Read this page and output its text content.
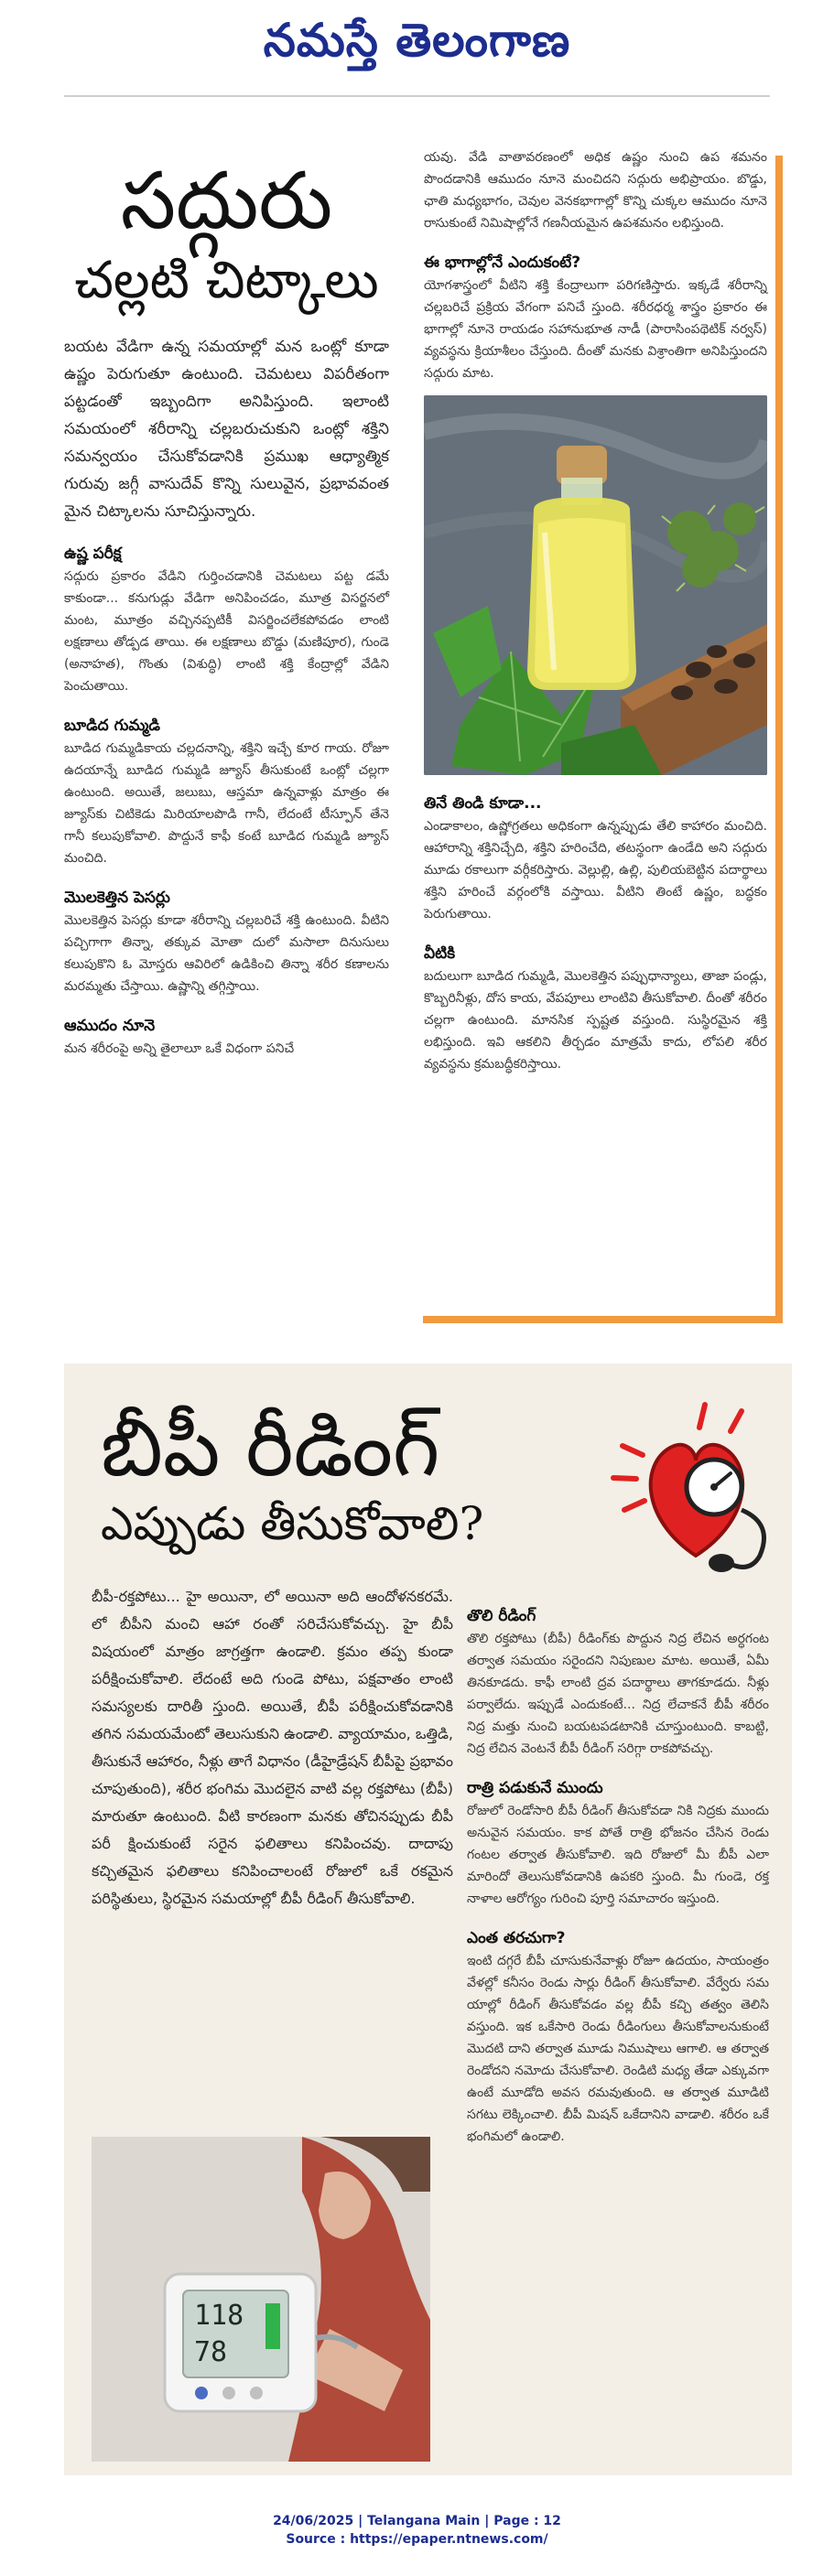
నమస్తే తెలంగాణ
సద్గురు
చల్లటి చిట్కాలు

బయట వేడిగా ఉన్న సమయాల్లో మన ఒంట్లో కూడా ఉష్ణం పెరుగుతూ ఉంటుంది. చెమటలు విపరీతంగా పట్టడంతో ఇబ్బందిగా అనిపిస్తుంది. ఇలాంటి సమయంలో శరీరాన్ని చల్లబరుచుకుని ఒంట్లో శక్తిని సమన్వయం చేసుకోవడానికి ప్రముఖ ఆధ్యాత్మిక గురువు జగ్గీ వాసుదేవ్ కొన్ని సులువైన, ప్రభావవంత మైన చిట్కాలను సూచిస్తున్నారు.

ఉష్ణ పరీక్ష

సద్గురు ప్రకారం వేడిని గుర్తించడానికి చెమటలు పట్ట డమే కాకుండా... కనుగుడ్లు వేడిగా అనిపించడం, మూత్ర విసర్జనలో మంట, మూత్రం వచ్చినప్పటికీ విసర్జించలేకపోవడం లాంటి లక్షణాలు తోడ్పడ తాయి. ఈ లక్షణాలు బొడ్డు (మణిపూర), గుండె (అనాహత), గొంతు (విశుద్ధి) లాంటి శక్తి కేంద్రాల్లో వేడిని పెంచుతాయి.

బూడిద గుమ్మడి

బూడిద గుమ్మడికాయ చల్లదనాన్ని, శక్తిని ఇచ్చే కూర గాయ. రోజూ ఉదయాన్నే బూడిద గుమ్మడి జ్యూస్ తీసుకుంటే ఒంట్లో చల్లగా ఉంటుంది. అయితే, జలుబు, ఆస్తమా ఉన్నవాళ్లు మాత్రం ఈ జ్యూస్‌కు చిటికెడు మిరియాలపొడి గానీ, లేదంటే టీస్పూన్ తేనె గానీ కలుపుకోవాలి. పొద్దునే కాఫీ కంటే బూడిద గుమ్మడి జ్యూస్ మంచిది.

మొలకెత్తిన పెసర్లు

మొలకెత్తిన పెసర్లు కూడా శరీరాన్ని చల్లబరిచే శక్తి ఉంటుంది. వీటిని పచ్చిగాగా తిన్నా, తక్కువ మోతా దులో మసాలా దినుసులు కలుపుకొని ఓ మోస్తరు ఆవిరిలో ఉడికించి తిన్నా శరీర కణాలను మరమ్మతు చేస్తాయి. ఉష్ణాన్ని తగ్గిస్తాయి.

ఆముదం నూనె

మన శరీరంపై అన్ని తైలాలూ ఒకే విధంగా పనిచే

యవు. వేడి వాతావరణంలో అధిక ఉష్ణం నుంచి ఉప శమనం పొందడానికి ఆముదం నూనె మంచిదని సద్గురు అభిప్రాయం. బొడ్డు, ఛాతి మధ్యభాగం, చెవుల వెనకభాగాల్లో కొన్ని చుక్కల ఆముదం నూనె రాసుకుంటే నిమిషాల్లోనే గణనీయమైన ఉపశమనం లభిస్తుంది.

ఈ భాగాల్లోనే ఎందుకంటే?

యోగశాస్త్రంలో వీటిని శక్తి కేంద్రాలుగా పరిగణిస్తారు. ఇక్కడే శరీరాన్ని చల్లబరిచే ప్రక్రియ వేగంగా పనిచే స్తుంది. శరీరధర్మ శాస్త్రం ప్రకారం ఈ భాగాల్లో నూనె రాయడం సహానుభూత నాడీ (పారాసింపథెటిక్ నర్వస్) వ్యవస్థను క్రియాశీలం చేస్తుంది. దీంతో మనకు విశ్రాంతిగా అనిపిస్తుందని సద్గురు మాట.

తినే తిండి కూడా...

ఎండాకాలం, ఉష్ణోగ్రతలు అధికంగా ఉన్నప్పుడు తేలి కాహారం మంచిది. ఆహారాన్ని శక్తినిచ్చేది, శక్తిని హరించేది, తటస్థంగా ఉండేది అని సద్గురు మూడు రకాలుగా వర్గీకరిస్తారు. వెల్లుల్లి, ఉల్లి, పులియబెట్టిన పదార్థాలు శక్తిని హరించే వర్గంలోకి వస్తాయి. వీటిని తింటే ఉష్ణం, బద్ధకం పెరుగుతాయి.

వీటికి

బదులుగా బూడిద గుమ్మడి, మొలకెత్తిన పప్పుధాన్యాలు, తాజా పండ్లు, కొబ్బరినీళ్లు, దోస కాయ, వేపపూలు లాంటివి తీసుకోవాలి. దీంతో శరీరం చల్లగా ఉంటుంది. మానసిక స్పష్టత వస్తుంది. సుస్థిరమైన శక్తి లభిస్తుంది. ఇవి ఆకలిని తీర్చడం మాత్రమే కాదు, లోపలి శరీర వ్యవస్థను క్రమబద్ధీకరిస్తాయి.

బీపీ రీడింగ్
ఎప్పుడు తీసుకోవాలి?

బీపీ-రక్తపోటు... హై అయినా, లో అయినా అది ఆందోళనకరమే. లో బీపీని మంచి ఆహా రంతో సరిచేసుకోవచ్చు. హై బీపీ విషయంలో మాత్రం జాగ్రత్తగా ఉండాలి. క్రమం తప్ప కుండా పరీక్షించుకోవాలి. లేదంటే అది గుండె పోటు, పక్షవాతం లాంటి సమస్యలకు దారితీ స్తుంది. అయితే, బీపీ పరీక్షించుకోవడానికి తగిన సమయమేంటో తెలుసుకుని ఉండాలి. వ్యాయామం, ఒత్తిడి, తీసుకునే ఆహారం, నీళ్లు తాగే విధానం (డీహైడ్రేషన్ బీపీపై ప్రభావం చూపుతుంది), శరీర భంగిమ మొదలైన వాటి వల్ల రక్తపోటు (బీపీ) మారుతూ ఉంటుంది. వీటి కారణంగా మనకు తోచినప్పుడు బీపీ పరీ క్షించుకుంటే సరైన ఫలితాలు కనిపించవు. దాదాపు కచ్చితమైన ఫలితాలు కనిపించాలంటే రోజులో ఒకే రకమైన పరిస్థితులు, స్థిరమైన సమయాల్లో బీపీ రీడింగ్ తీసుకోవాలి.

118
78
తొలి రీడింగ్

తొలి రక్తపోటు (బీపీ) రీడింగ్‌కు పొద్దున నిద్ర లేచిన అర్ధగంట తర్వాత సమయం సరైందని నిపుణుల మాట. అయితే, ఏమీ తినకూడదు. కాఫీ లాంటి ద్రవ పదార్థాలు తాగకూడదు. నీళ్లు పర్వాలేదు. ఇప్పుడే ఎందుకంటే... నిద్ర లేచాకనే బీపీ శరీరం నిద్ర మత్తు నుంచి బయటపడటానికి చూస్తుంటుంది. కాబట్టి, నిద్ర లేచిన వెంటనే బీపీ రీడింగ్ సరిగ్గా రాకపోవచ్చు.

రాత్రి పడుకునే ముందు

రోజులో రెండోసారి బీపీ రీడింగ్ తీసుకోవడా నికి నిద్రకు ముందు అనువైన సమయం. కాక పోతే రాత్రి భోజనం చేసిన రెండు గంటల తర్వాత తీసుకోవాలి. ఇది రోజులో మీ బీపీ ఎలా మారిందో తెలుసుకోవడానికి ఉపకరి స్తుంది. మీ గుండె, రక్త నాళాల ఆరోగ్యం గురించి పూర్తి సమాచారం ఇస్తుంది.

ఎంత తరచుగా?

ఇంటి దగ్గరే బీపీ చూసుకునేవాళ్లు రోజూ ఉదయం, సాయంత్రం వేళల్లో కనీసం రెండు సార్లు రీడింగ్ తీసుకోవాలి. వేర్వేరు సమ యాల్లో రీడింగ్ తీసుకోవడం వల్ల బీపీ కచ్చి తత్వం తెలిసి వస్తుంది. ఇక ఒకేసారి రెండు రీడింగులు తీసుకోవాలనుకుంటే మొదటి దాని తర్వాత మూడు నిముషాలు ఆగాలి. ఆ తర్వాత రెండోదని నమోదు చేసుకోవాలి. రెండిటి మధ్య తేడా ఎక్కువగా ఉంటే మూడోది అవస రమవుతుంది. ఆ తర్వాత మూడిటి సగటు లెక్కించాలి. బీపీ మిషన్ ఒకేదానిని వాడాలి. శరీరం ఒకే భంగిమలో ఉండాలి.

24/06/2025 | Telangana Main | Page : 12
Source : https://epaper.ntnews.com/
